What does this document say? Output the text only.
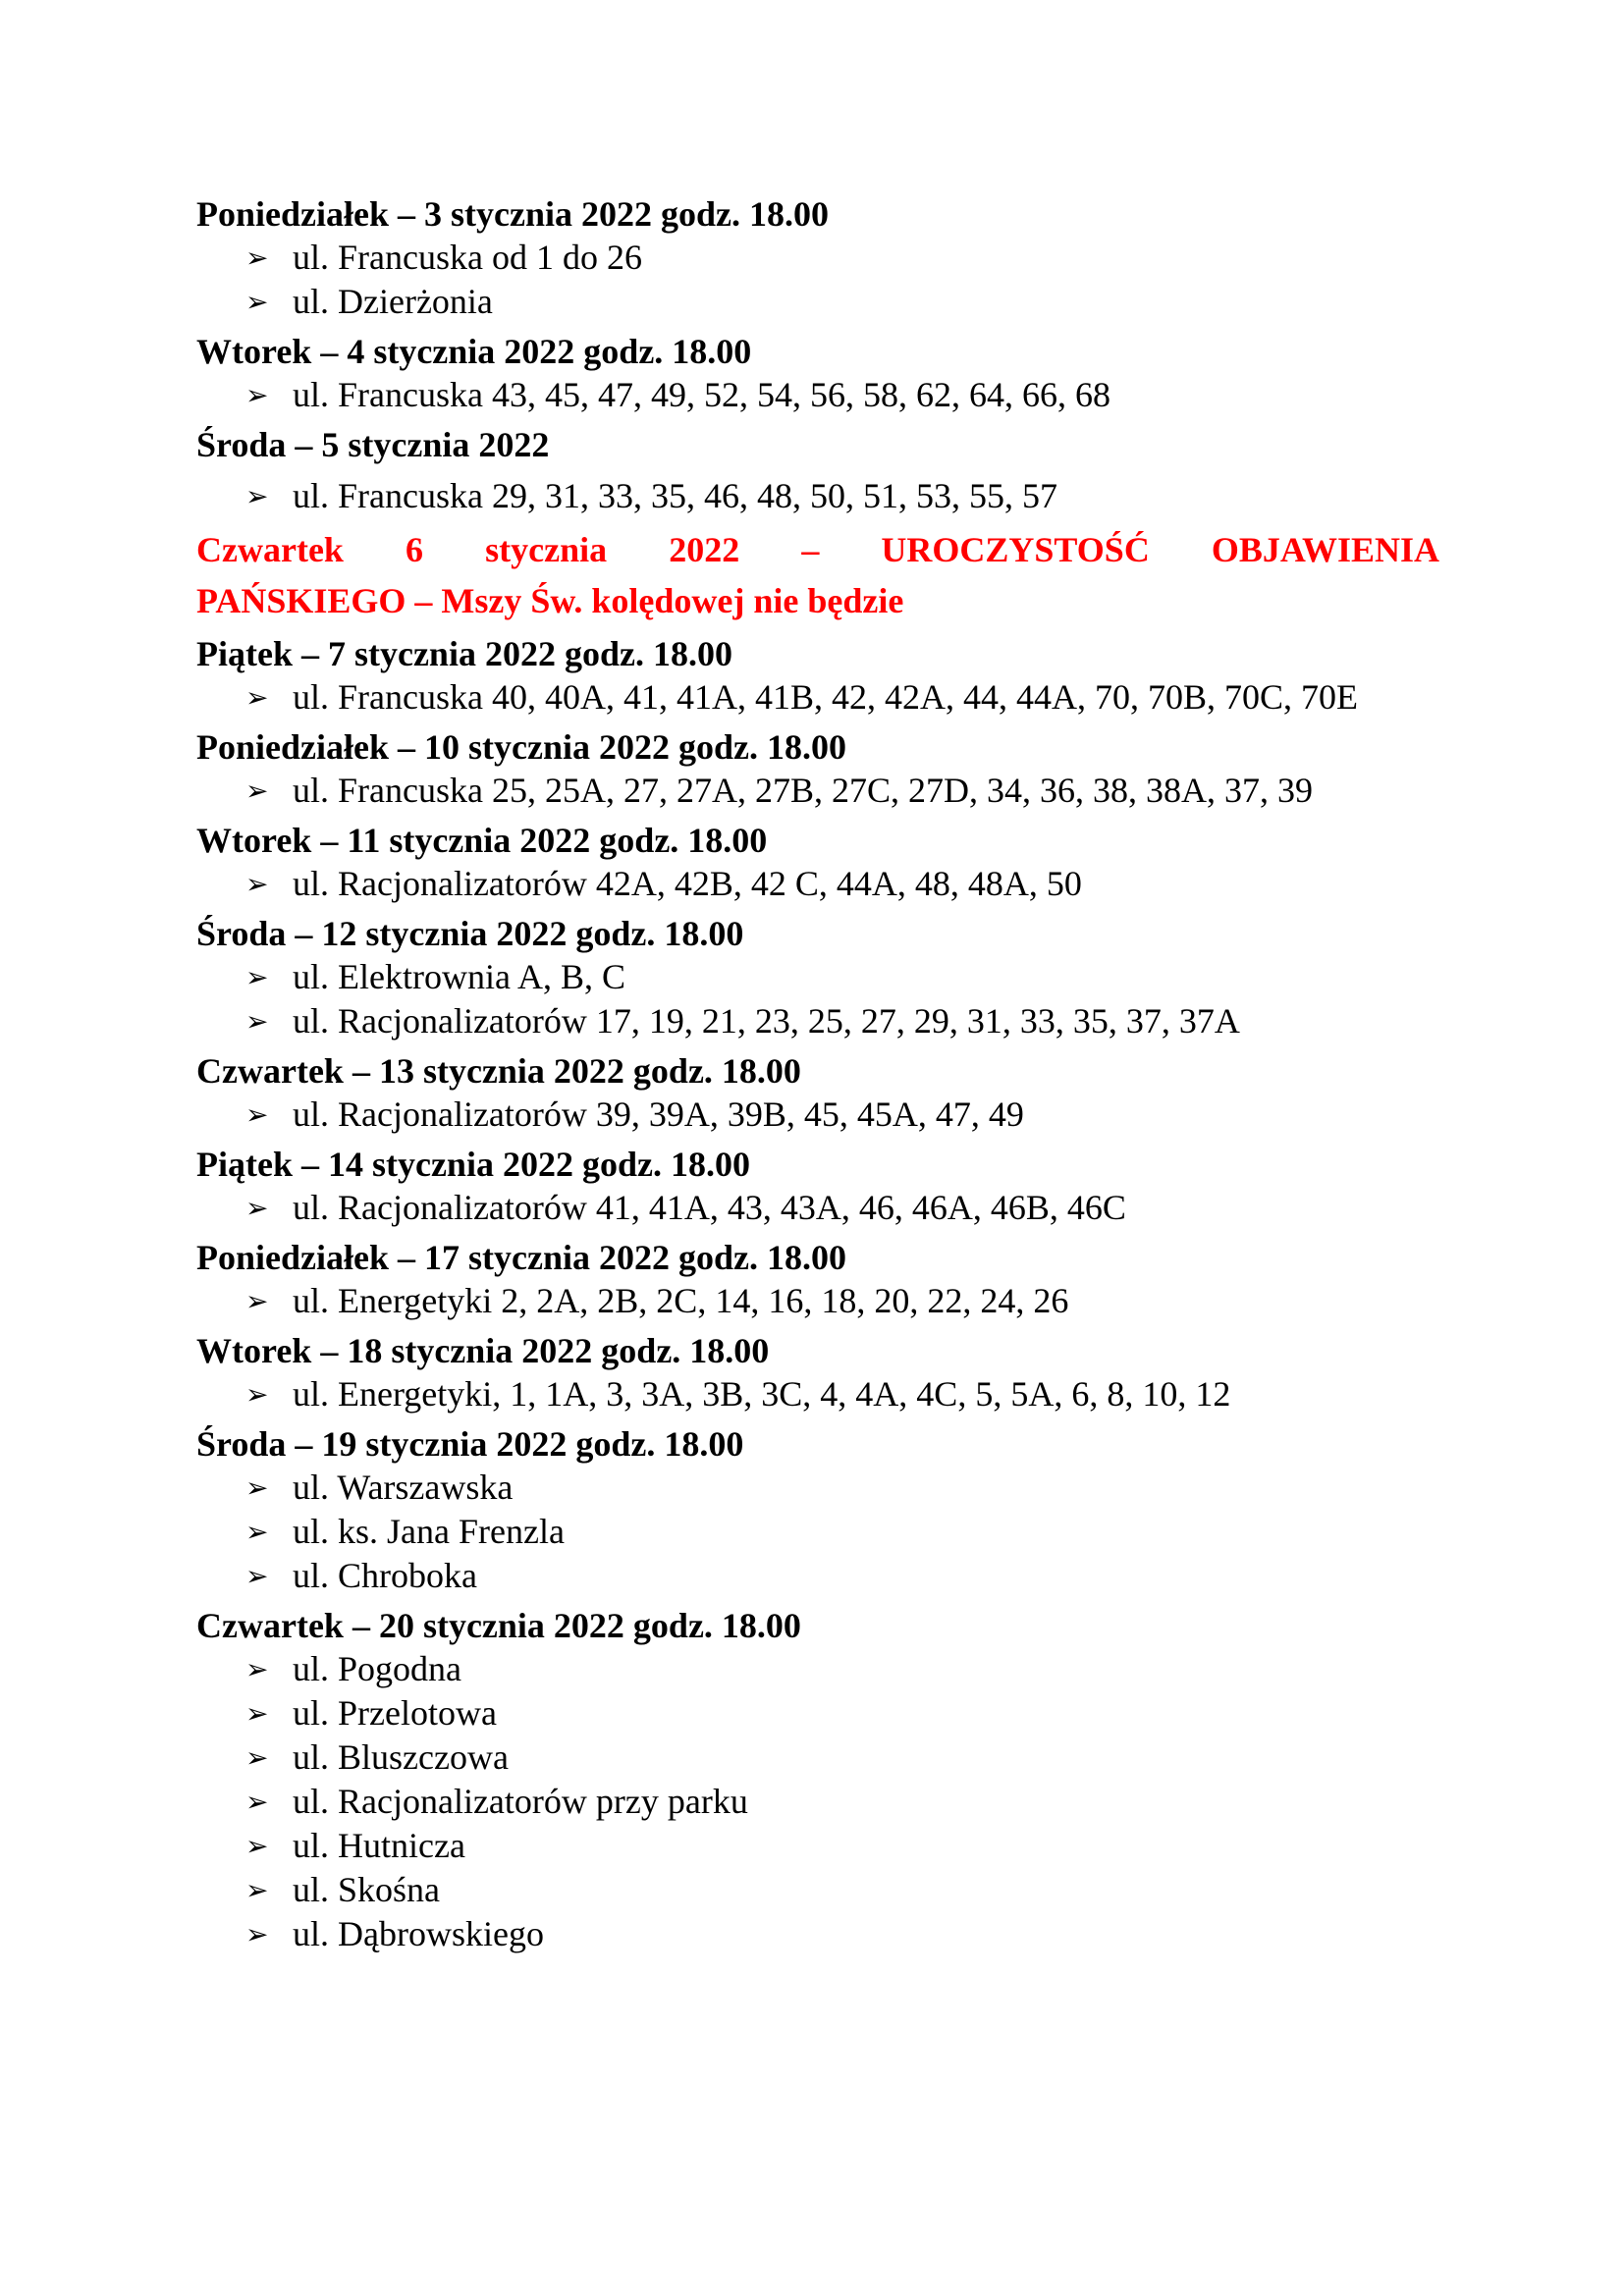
Poniedziałek – 3 stycznia 2022 godz. 18.00

➢ ul. Francuska od 1 do 26
➢ ul. Dzierżonia

Wtorek – 4 stycznia 2022 godz. 18.00

➢ ul. Francuska 43, 45, 47, 49, 52, 54, 56, 58, 62, 64, 66, 68

Środa – 5 stycznia 2022

➢ ul. Francuska 29, 31, 33, 35, 46, 48, 50, 51, 53, 55, 57
Czwartek 6 stycznia 2022 – UROCZYSTOŚĆ OBJAWIENIA
PAŃSKIEGO – Mszy Św. kolędowej nie będzie

Piątek – 7 stycznia 2022 godz. 18.00

➢ ul. Francuska 40, 40A, 41, 41A, 41B, 42, 42A, 44, 44A, 70, 70B, 70C, 70E

Poniedziałek – 10 stycznia 2022 godz. 18.00

➢ ul. Francuska 25, 25A, 27, 27A, 27B, 27C, 27D, 34, 36, 38, 38A, 37, 39

Wtorek – 11 stycznia 2022 godz. 18.00

➢ ul. Racjonalizatorów 42A, 42B, 42 C, 44A, 48, 48A, 50

Środa – 12 stycznia 2022 godz. 18.00

➢ ul. Elektrownia A, B, C
➢ ul. Racjonalizatorów 17, 19, 21, 23, 25, 27, 29, 31, 33, 35, 37, 37A

Czwartek – 13 stycznia 2022 godz. 18.00

➢ ul. Racjonalizatorów 39, 39A, 39B, 45, 45A, 47, 49

Piątek – 14 stycznia 2022 godz. 18.00

➢ ul. Racjonalizatorów 41, 41A, 43, 43A, 46, 46A, 46B, 46C

Poniedziałek – 17 stycznia 2022 godz. 18.00

➢ ul. Energetyki 2, 2A, 2B, 2C, 14, 16, 18, 20, 22, 24, 26

Wtorek – 18 stycznia 2022 godz. 18.00

➢ ul. Energetyki, 1, 1A, 3, 3A, 3B, 3C, 4, 4A, 4C, 5, 5A, 6, 8, 10, 12

Środa – 19 stycznia 2022 godz. 18.00

➢ ul. Warszawska
➢ ul. ks. Jana Frenzla
➢ ul. Chroboka

Czwartek – 20 stycznia 2022 godz. 18.00

➢ ul. Pogodna
➢ ul. Przelotowa
➢ ul. Bluszczowa
➢ ul. Racjonalizatorów przy parku
➢ ul. Hutnicza
➢ ul. Skośna
➢ ul. Dąbrowskiego
